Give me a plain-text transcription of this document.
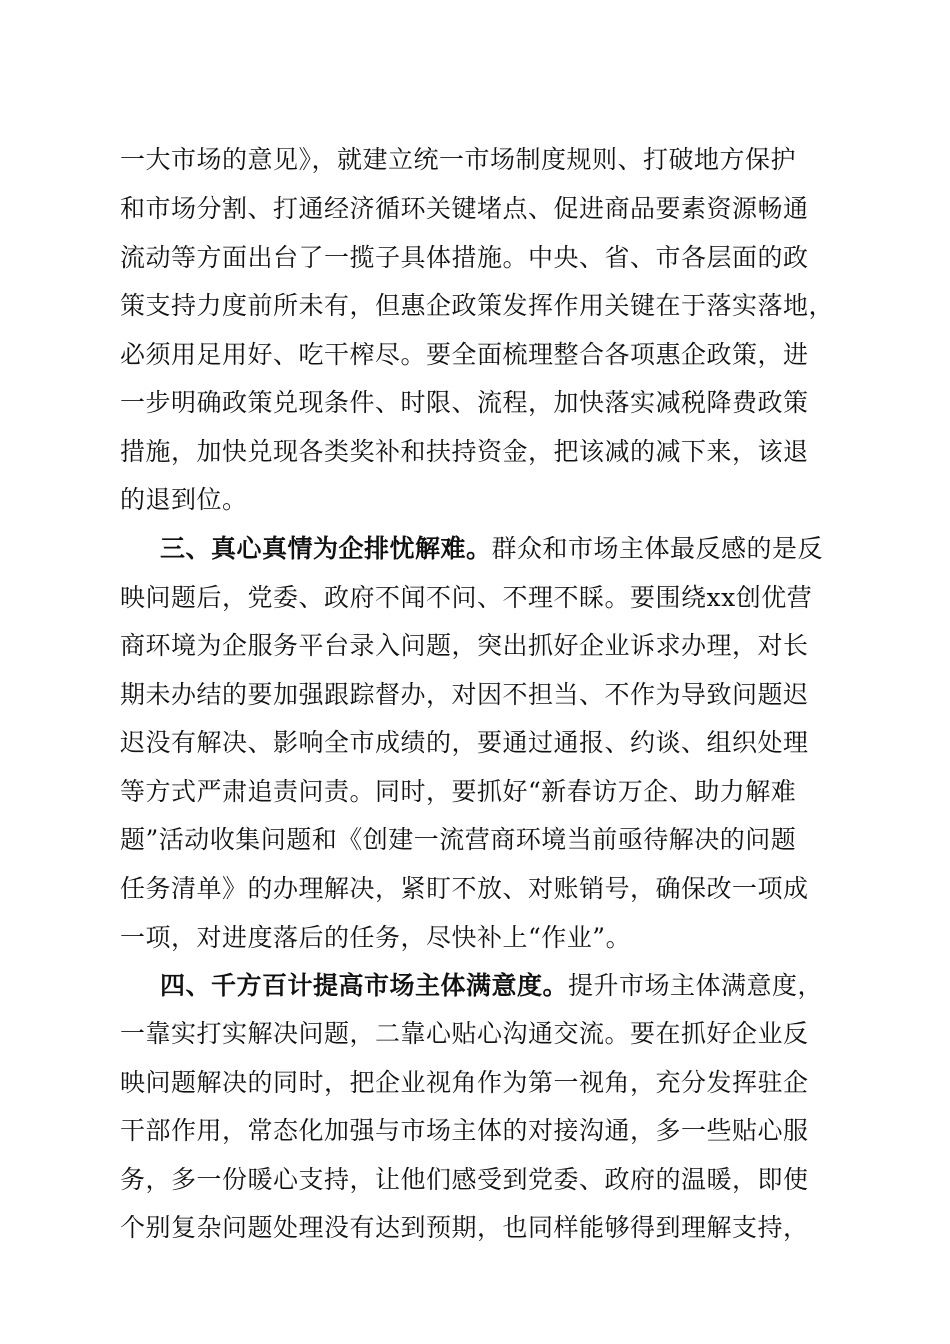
一大市场的意见》，就建立统一市场制度规则、打破地方保护
和市场分割、打通经济循环关键堵点、促进商品要素资源畅通
流动等方面出台了一揽子具体措施。中央、省、市各层面的政
策支持力度前所未有，但惠企政策发挥作用关键在于落实落地，
必须用足用好、吃干榨尽。要全面梳理整合各项惠企政策，进
一步明确政策兑现条件、时限、流程，加快落实减税降费政策
措施，加快兑现各类奖补和扶持资金，把该减的减下来，该退
的退到位。
三、真心真情为企排忧解难。群众和市场主体最反感的是反
映问题后，党委、政府不闻不问、不理不睬。要围绕xx创优营
商环境为企服务平台录入问题，突出抓好企业诉求办理，对长
期未办结的要加强跟踪督办，对因不担当、不作为导致问题迟
迟没有解决、影响全市成绩的，要通过通报、约谈、组织处理
等方式严肃追责问责。同时，要抓好“新春访万企、助力解难
题”活动收集问题和《创建一流营商环境当前亟待解决的问题
任务清单》的办理解决，紧盯不放、对账销号，确保改一项成
一项，对进度落后的任务，尽快补上“作业”。
四、千方百计提高市场主体满意度。提升市场主体满意度，
一靠实打实解决问题，二靠心贴心沟通交流。要在抓好企业反
映问题解决的同时，把企业视角作为第一视角，充分发挥驻企
干部作用，常态化加强与市场主体的对接沟通，多一些贴心服
务，多一份暖心支持，让他们感受到党委、政府的温暖，即使
个别复杂问题处理没有达到预期，也同样能够得到理解支持，
